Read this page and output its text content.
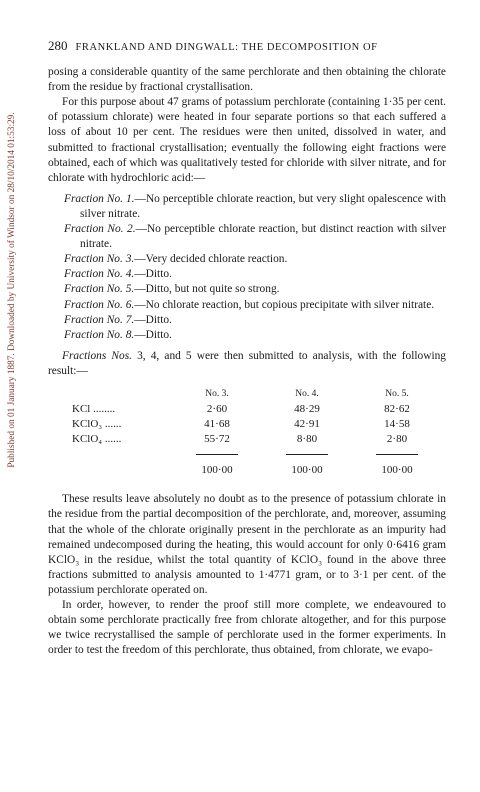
Published on 01 January 1887. Downloaded by University of Windsor on 28/10/2014 01:53:29.
280 FRANKLAND AND DINGWALL: THE DECOMPOSITION OF

posing a considerable quantity of the same perchlorate and then obtaining the chlorate from the residue by fractional crystallisation.

For this purpose about 47 grams of potassium perchlorate (containing 1·35 per cent. of potassium chlorate) were heated in four separate portions so that each suffered a loss of about 10 per cent. The residues were then united, dissolved in water, and submitted to fractional crystallisation; eventually the following eight fractions were obtained, each of which was qualitatively tested for chloride with silver nitrate, and for chlorate with hydrochloric acid:—

Fraction No. 1.—No perceptible chlorate reaction, but very slight opalescence with silver nitrate.

Fraction No. 2.—No perceptible chlorate reaction, but distinct reaction with silver nitrate.

Fraction No. 3.—Very decided chlorate reaction.

Fraction No. 4.—Ditto.

Fraction No. 5.—Ditto, but not quite so strong.

Fraction No. 6.—No chlorate reaction, but copious precipitate with silver nitrate.

Fraction No. 7.—Ditto.

Fraction No. 8.—Ditto.

Fractions Nos. 3, 4, and 5 were then submitted to analysis, with the following result:—

	No. 3.	No. 4.	No. 5.
KCl ........	2·60	48·29	82·62
KClO₃ ......	41·68	42·91	14·58
KClO₄ ......	55·72	8·80	2·80

	100·00	100·00	100·00

These results leave absolutely no doubt as to the presence of potassium chlorate in the residue from the partial decomposition of the perchlorate, and, moreover, assuming that the whole of the chlorate originally present in the perchlorate as an impurity had remained undecomposed during the heating, this would account for only 0·6416 gram KClO₃ in the residue, whilst the total quantity of KClO₃ found in the above three fractions submitted to analysis amounted to 1·4771 gram, or to 3·1 per cent. of the potassium perchlorate operated on.

In order, however, to render the proof still more complete, we endeavoured to obtain some perchlorate practically free from chlorate altogether, and for this purpose we twice recrystallised the sample of perchlorate used in the former experiments. In order to test the freedom of this perchlorate, thus obtained, from chlorate, we evapo-
